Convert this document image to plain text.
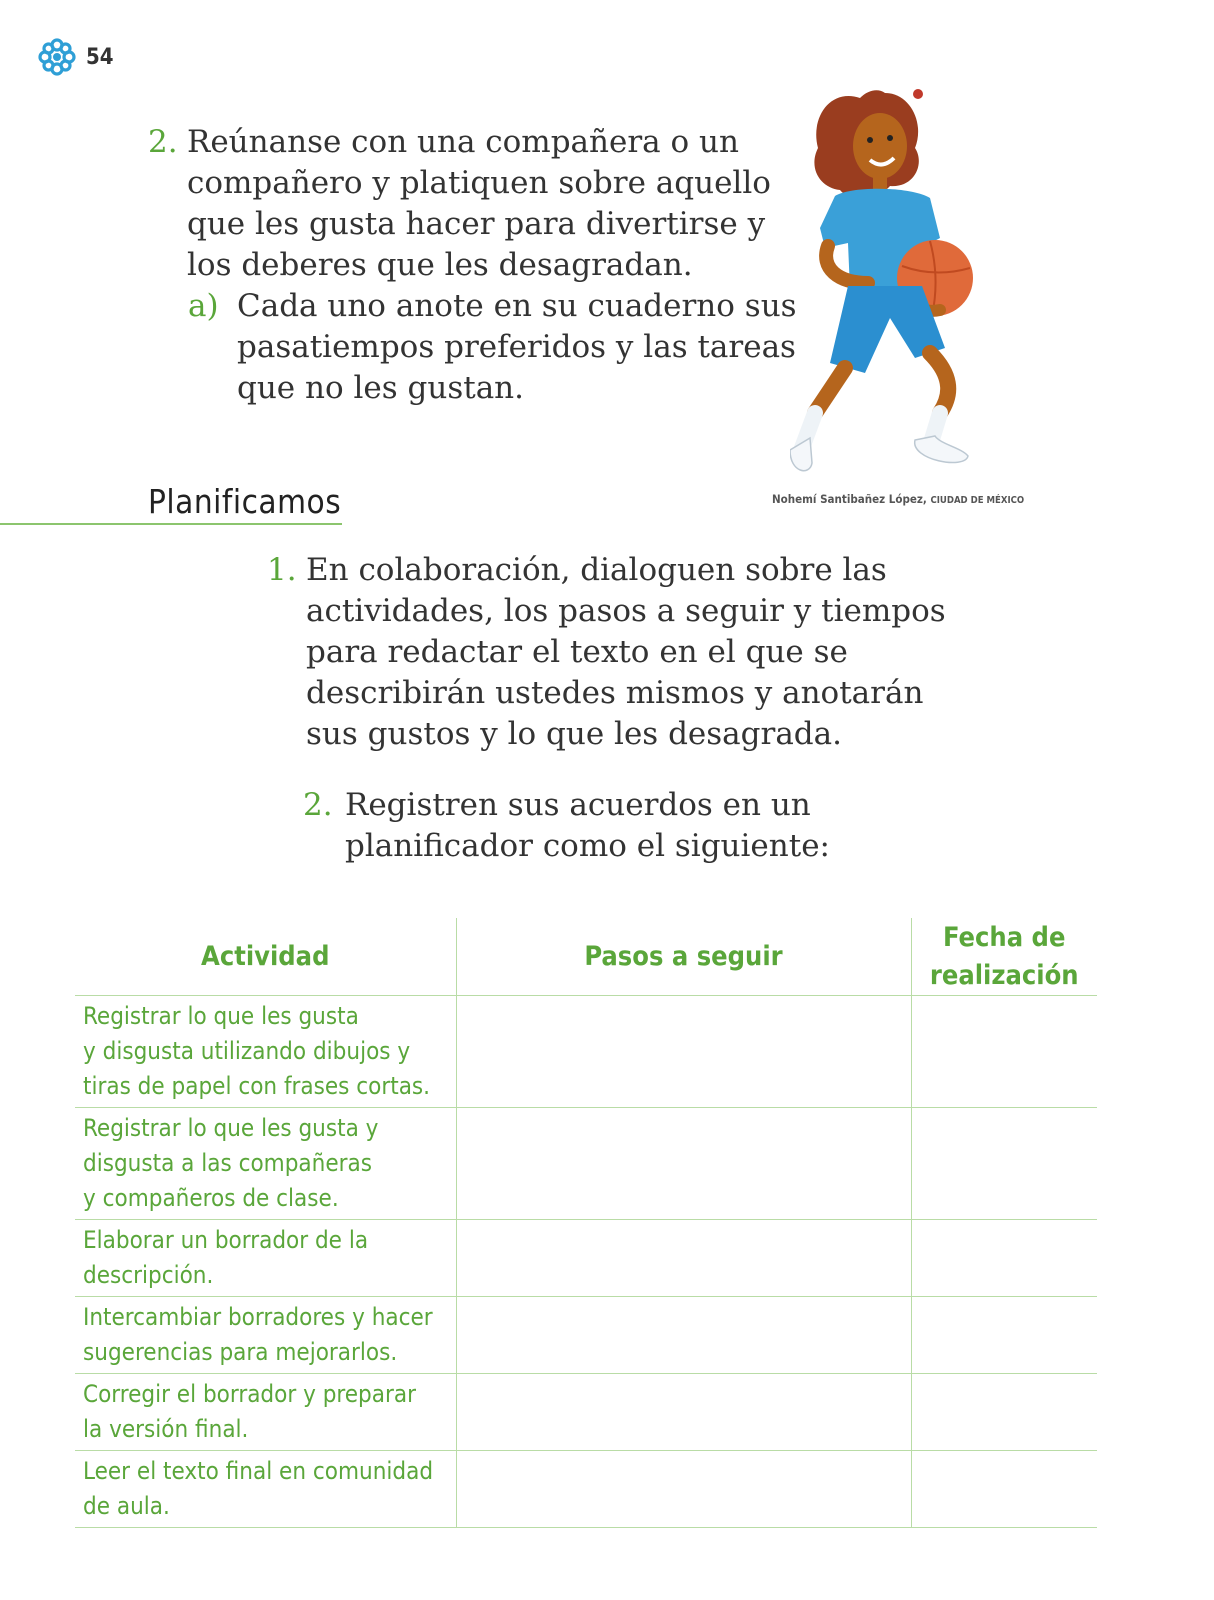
54
2. Reúnanse con una compañera o un
compañero y platiquen sobre aquello
que les gusta hacer para divertirse y
los deberes que les desagradan.
a) Cada uno anote en su cuaderno sus
pasatiempos preferidos y las tareas
que no les gustan.
Nohemí Santibañez López, CIUDAD DE MÉXICO
Planificamos
1. En colaboración, dialoguen sobre las
actividades, los pasos a seguir y tiempos
para redactar el texto en el que se
describirán ustedes mismos y anotarán
sus gustos y lo que les desagrada.
2. Registren sus acuerdos en un
planificador como el siguiente:
Actividad	Pasos a seguir	Fecha de realización

Registrar lo que les gusta
y disgusta utilizando dibujos y
tiras de papel con frases cortas.		

Registrar lo que les gusta y
disgusta a las compañeras
y compañeros de clase.		

Elaborar un borrador de la
descripción.		

Intercambiar borradores y hacer
sugerencias para mejorarlos.		

Corregir el borrador y preparar
la versión final.		

Leer el texto final en comunidad
de aula.		
